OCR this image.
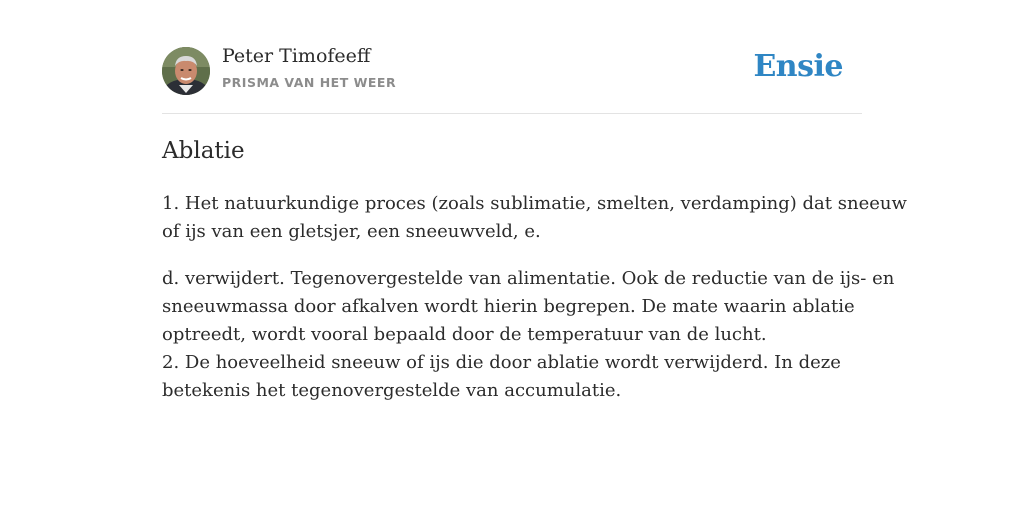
Peter Timofeeff
PRISMA VAN HET WEER	Ensie
Ablatie

1. Het natuurkundige proces (zoals sublimatie, smelten, verdamping) dat sneeuw
of ijs van een gletsjer, een sneeuwveld, e.

d. verwijdert. Tegenovergestelde van alimentatie. Ook de reductie van de ijs- en
sneeuwmassa door afkalven wordt hierin begrepen. De mate waarin ablatie
optreedt, wordt vooral bepaald door de temperatuur van de lucht.
2. De hoeveelheid sneeuw of ijs die door ablatie wordt verwijderd. In deze
betekenis het tegenovergestelde van accumulatie.
